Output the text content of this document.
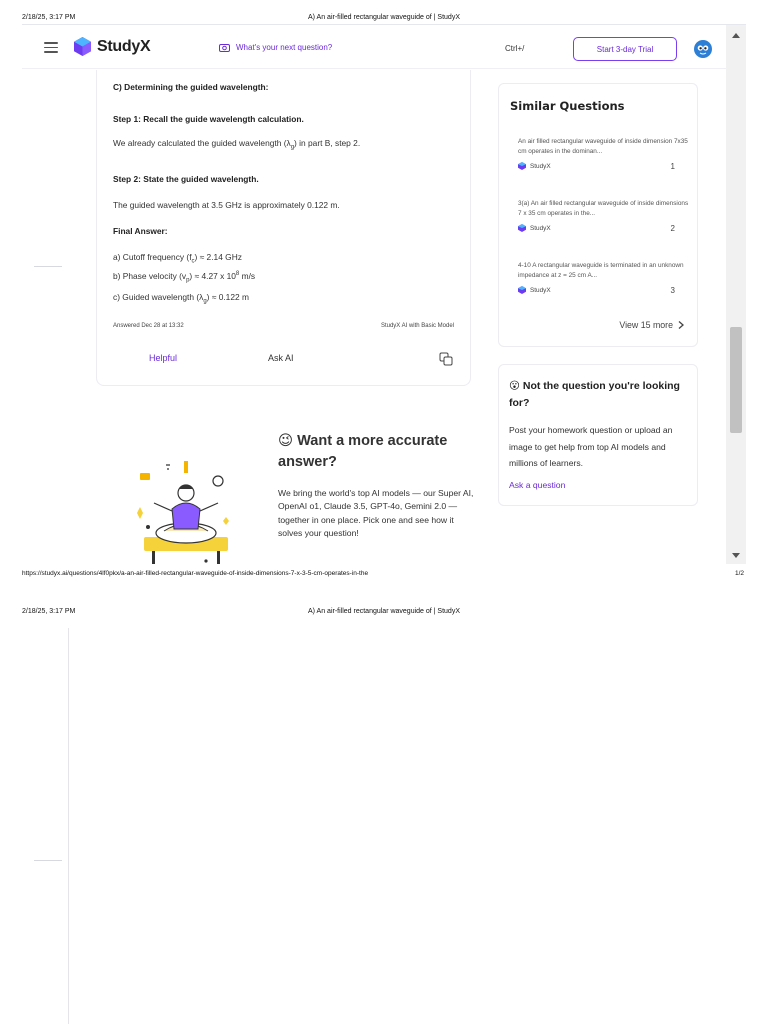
2/18/25, 3:17 PM	A) An air-filled rectangular waveguide of | StudyX
StudyX	What's your next question?	Ctrl+/	Start 3-day Trial
C) Determining the guided wavelength:
Step 1: Recall the guide wavelength calculation.
We already calculated the guided wavelength $(\lambda_g)$ in part B, step 2.
Step 2: State the guided wavelength.
The guided wavelength at 3.5 GHz is approximately 0.122 m.
Final Answer:
a) Cutoff frequency $(f_c) \approx 2.14$ GHz
b) Phase velocity $(v_p) \approx 4.27$ x $10^8$ m/s
c) Guided wavelength $(\lambda_g) \approx 0.122$ m
Answered Dec 28 at 13:32	StudyX AI with Basic Model
Helpful	Ask AI
😉 Want a more accurate answer?
We bring the world's top AI models — our Super AI, OpenAI o1, Claude 3.5, GPT-4o, Gemini 2.0 — together in one place. Pick one and see how it solves your question!
Similar Questions
An air filled rectangular waveguide of inside dimension 7x35 cm operates in the dominan...
StudyX	1
3(a) An air filled rectangular waveguide of inside dimensions 7 x 35 cm operates in the...
StudyX	2
4-10 A rectangular waveguide is terminated in an unknown impedance at z = 25 cm A...
StudyX	3
View 15 more
😮 Not the question you're looking for?
Post your homework question or upload an image to get help from top AI models and millions of learners.
Ask a question
https://studyx.ai/questions/4lf0pkx/a-an-air-filled-rectangular-waveguide-of-inside-dimensions-7-x-3-5-cm-operates-in-the	1/2
2/18/25, 3:17 PM	A) An air-filled rectangular waveguide of | StudyX
